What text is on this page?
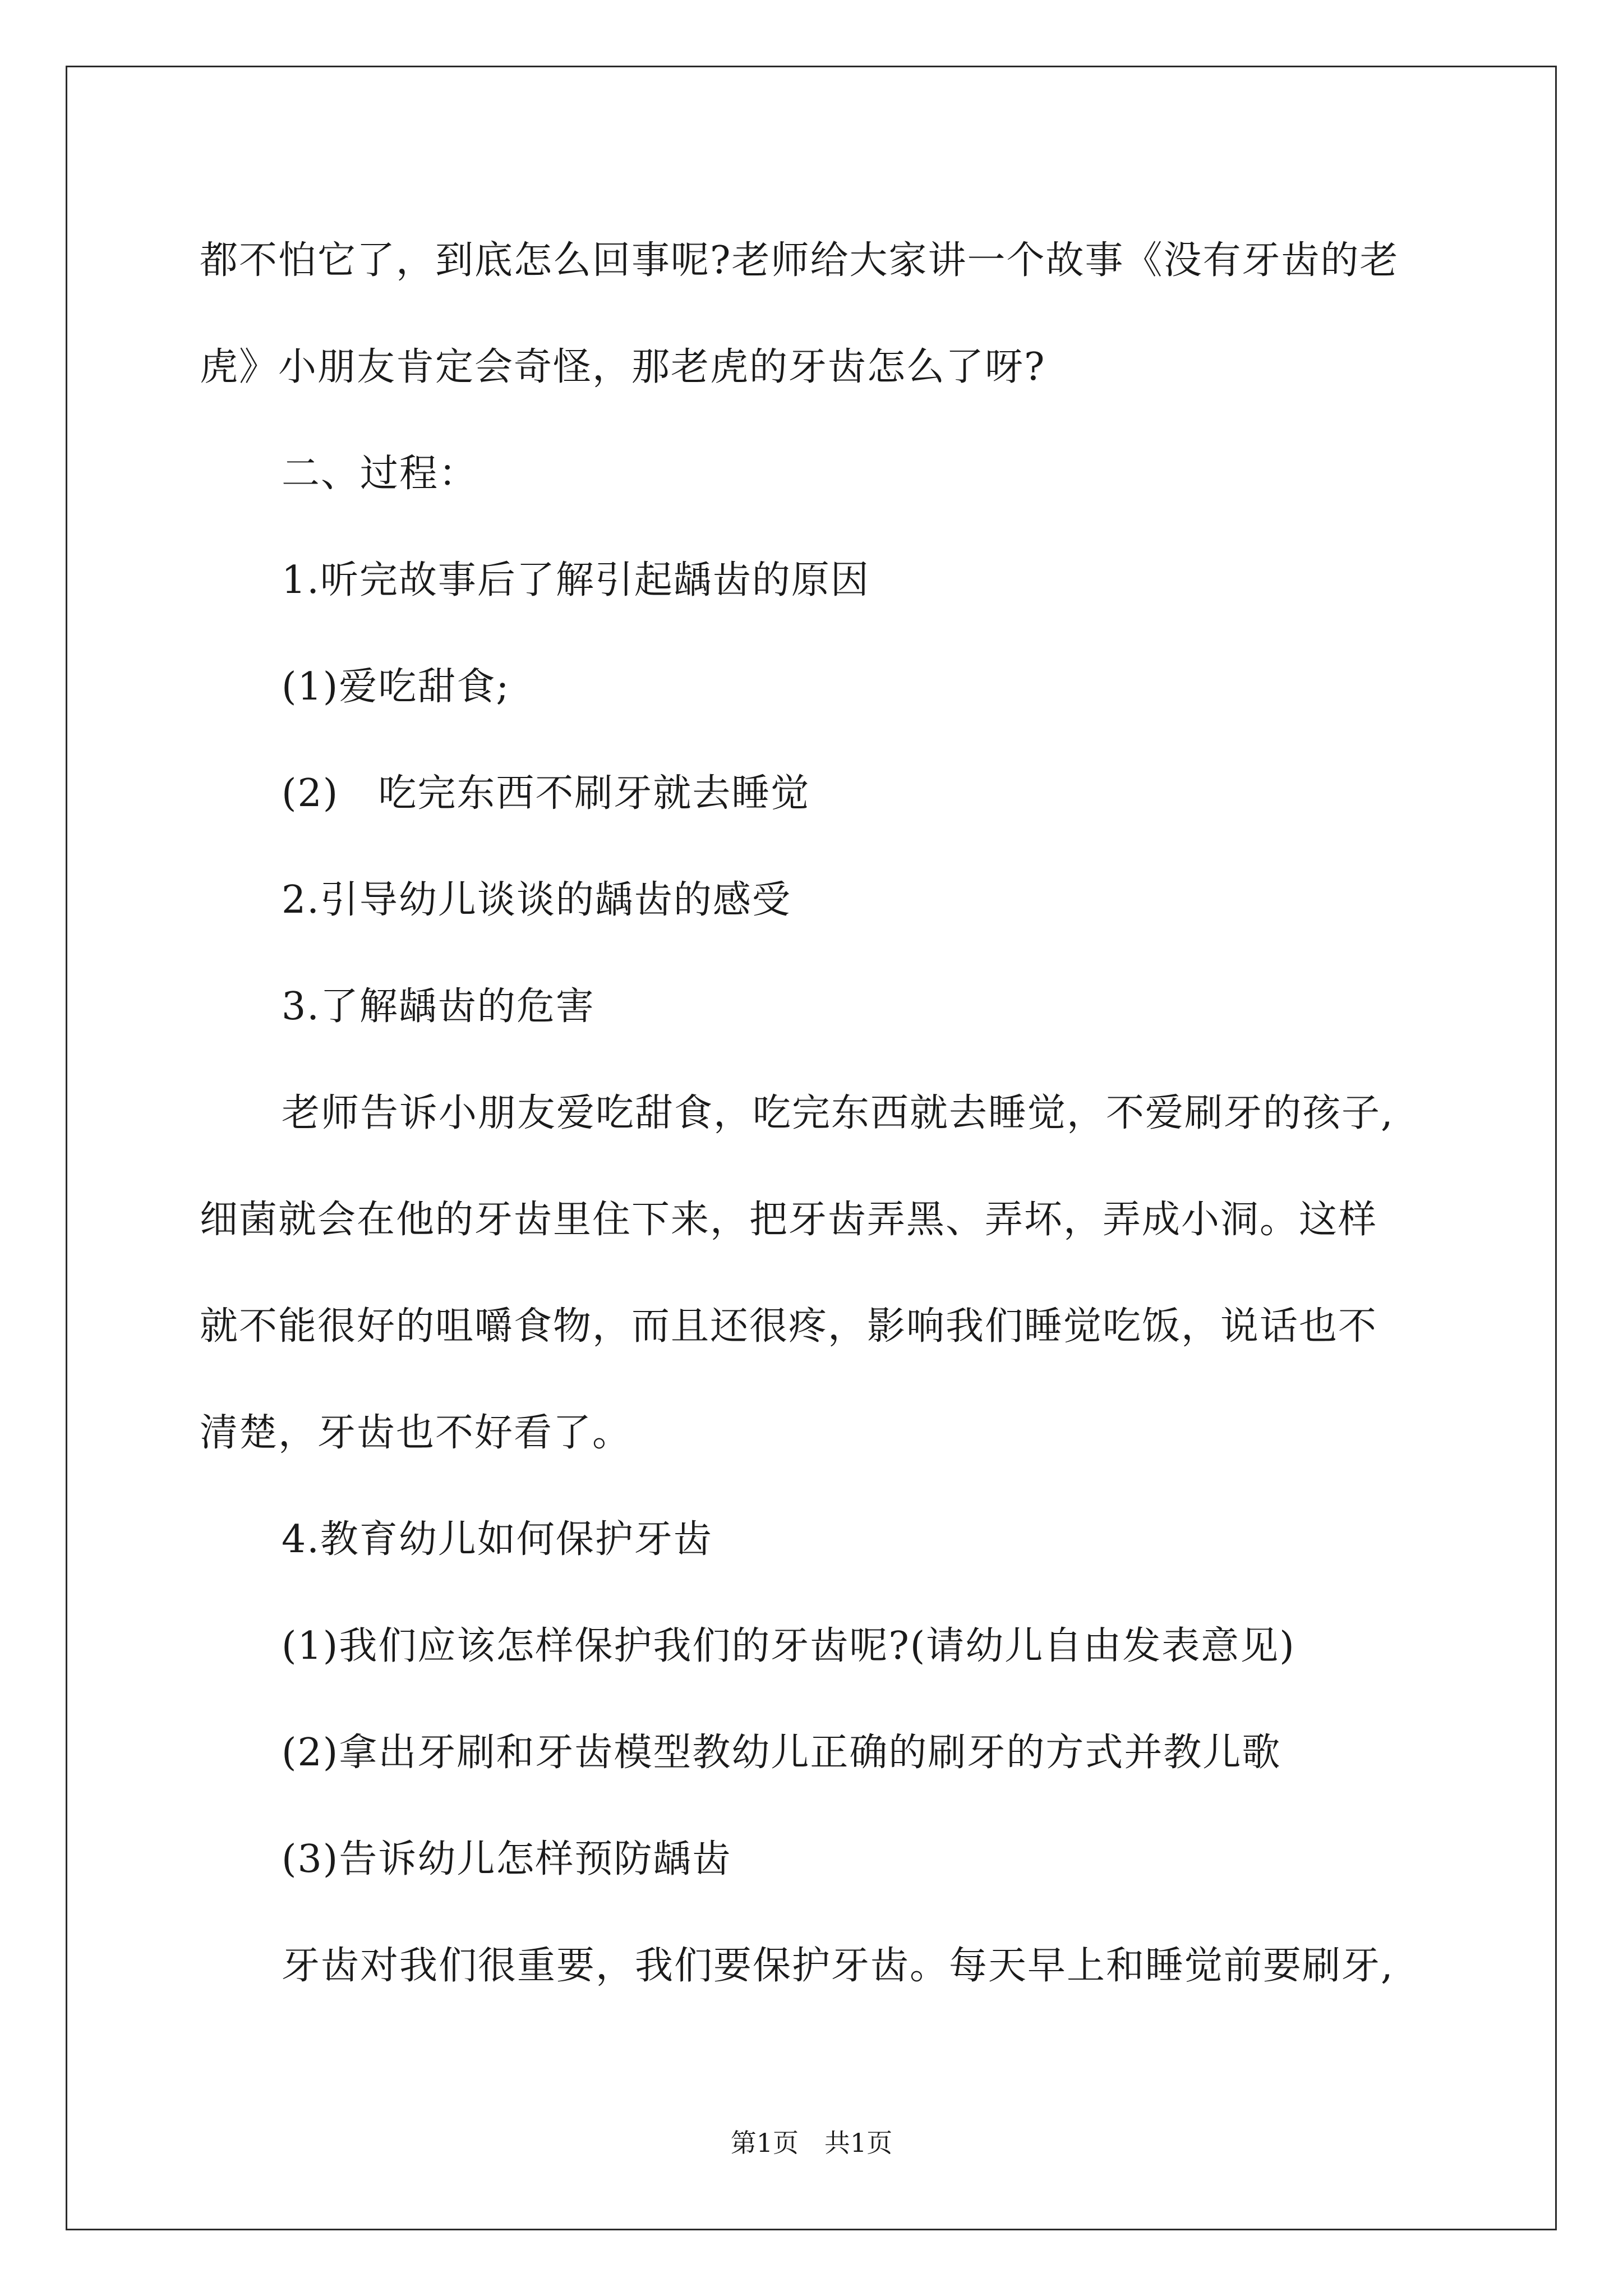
都不怕它了，到底怎么回事呢?老师给大家讲一个故事《没有牙齿的老
虎》小朋友肯定会奇怪，那老虎的牙齿怎么了呀?
二、过程：
1.听完故事后了解引起龋齿的原因
(1)爱吃甜食;
(2)　吃完东西不刷牙就去睡觉
2.引导幼儿谈谈的龋齿的感受
3.了解龋齿的危害
老师告诉小朋友爱吃甜食，吃完东西就去睡觉，不爱刷牙的孩子,
细菌就会在他的牙齿里住下来，把牙齿弄黑、弄坏，弄成小洞。这样
就不能很好的咀嚼食物，而且还很疼，影响我们睡觉吃饭，说话也不
清楚，牙齿也不好看了。
4.教育幼儿如何保护牙齿
(1)我们应该怎样保护我们的牙齿呢?(请幼儿自由发表意见)
(2)拿出牙刷和牙齿模型教幼儿正确的刷牙的方式并教儿歌
(3)告诉幼儿怎样预防龋齿
牙齿对我们很重要，我们要保护牙齿。每天早上和睡觉前要刷牙,
第1页　共1页
